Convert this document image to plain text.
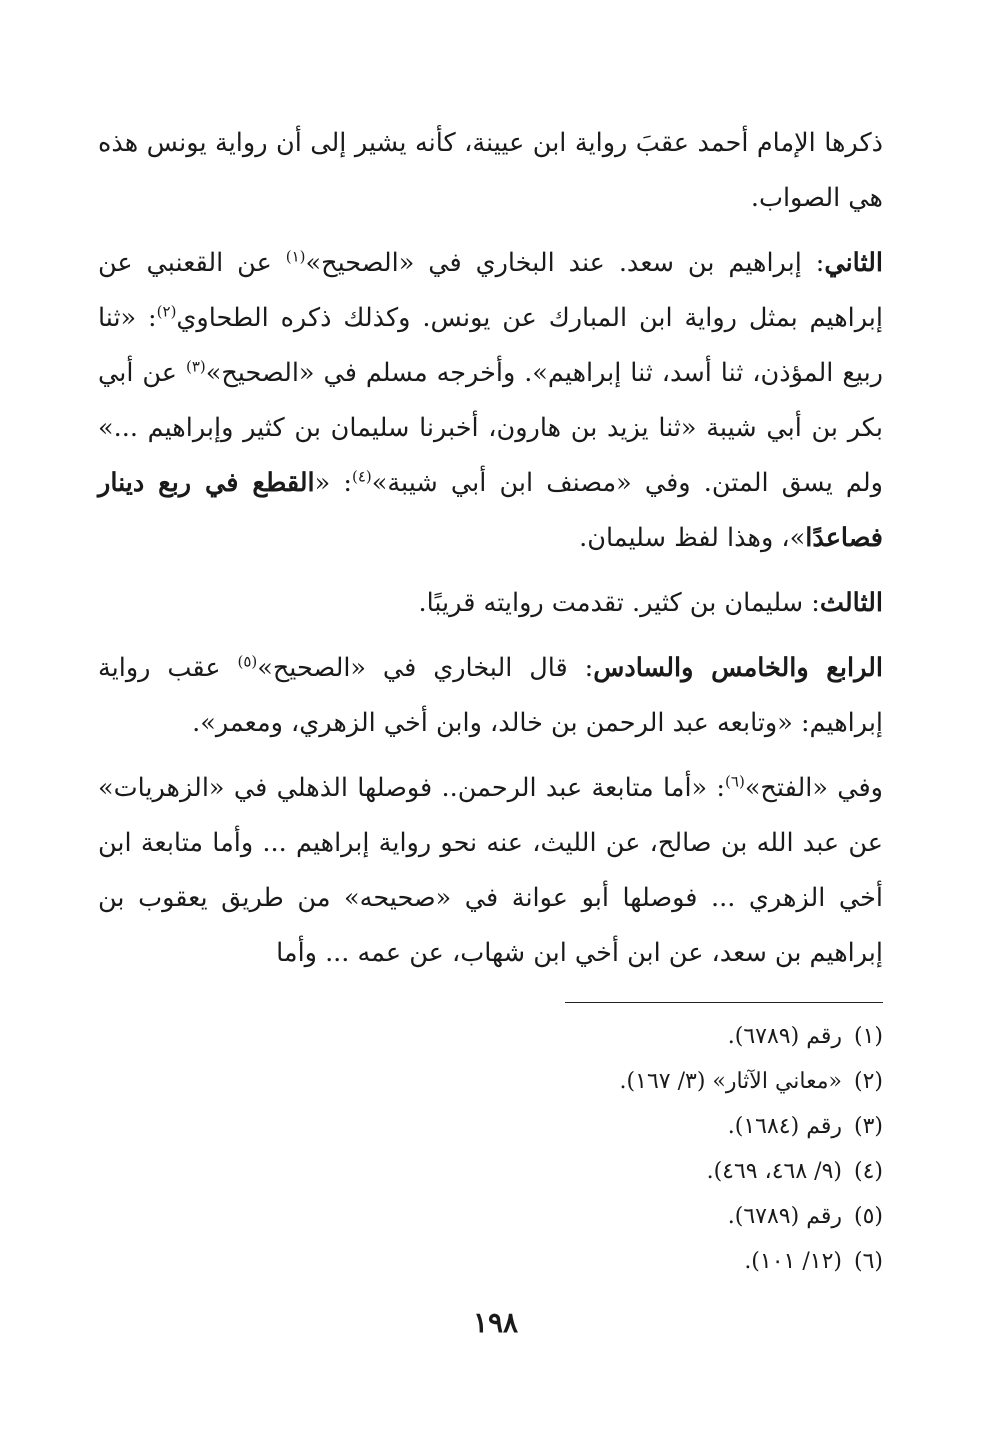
ذكرها الإمام أحمد عقبَ رواية ابن عيينة، كأنه يشير إلى أن رواية يونس هذه هي الصواب.

الثاني: إبراهيم بن سعد. عند البخاري في «الصحيح»$^{(١)}$ عن القعنبي عن إبراهيم بمثل رواية ابن المبارك عن يونس. وكذلك ذكره الطحاوي$^{(٢)}$: «ثنا ربيع المؤذن، ثنا أسد، ثنا إبراهيم». وأخرجه مسلم في «الصحيح»$^{(٣)}$ عن أبي بكر بن أبي شيبة «ثنا يزيد بن هارون، أخبرنا سليمان بن كثير وإبراهيم ...» ولم يسق المتن. وفي «مصنف ابن أبي شيبة»$^{(٤)}$: «القطع في ربع دينار فصاعدًا»، وهذا لفظ سليمان.

الثالث: سليمان بن كثير. تقدمت روايته قريبًا.

الرابع والخامس والسادس: قال البخاري في «الصحيح»$^{(٥)}$ عقب رواية إبراهيم: «وتابعه عبد الرحمن بن خالد، وابن أخي الزهري، ومعمر».

وفي «الفتح»$^{(٦)}$: «أما متابعة عبد الرحمن.. فوصلها الذهلي في «الزهريات» عن عبد الله بن صالح، عن الليث، عنه نحو رواية إبراهيم ... وأما متابعة ابن أخي الزهري ... فوصلها أبو عوانة في «صحيحه» من طريق يعقوب بن إبراهيم بن سعد، عن ابن أخي ابن شهاب، عن عمه ... وأما

(١)رقم (٦٧٨٩).
(٢)«معاني الآثار» (٣/ ١٦٧).
(٣)رقم (١٦٨٤).
(٤)(٩/ ٤٦٨، ٤٦٩).
(٥)رقم (٦٧٨٩).
(٦)(١٢/ ١٠١).
١٩٨
